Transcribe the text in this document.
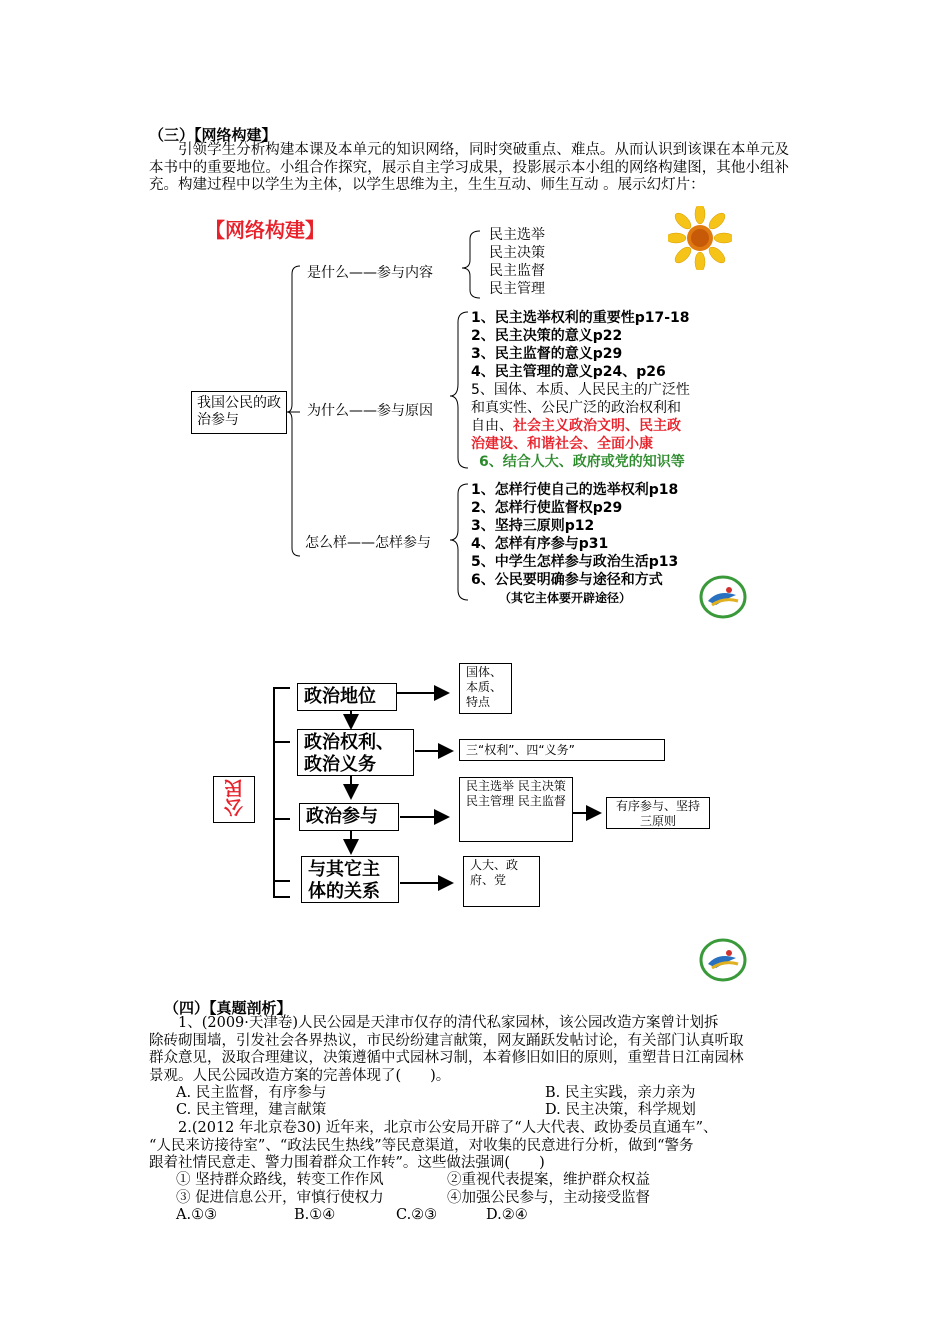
（三）【网络构建】
引领学生分析构建本课及本单元的知识网络，同时突破重点、难点。从而认识到该课在本单元及本书中的重要地位。小组合作探究，展示自主学习成果，投影展示本小组的网络构建图，其他小组补充。构建过程中以学生为主体，以学生思维为主，生生互动、师生互动 。展示幻灯片：
【网络构建】
我国公民的政治参与
是什么——参与内容
为什么——参与原因
怎么样——怎样参与
民主选举
民主决策
民主监督
民主管理
1、民主选举权利的重要性p17-18
2、民主决策的意义p22
3、民主监督的意义p29
4、民主管理的意义p24、p26
5、国体、本质、人民民主的广泛性
和真实性、公民广泛的政治权利和
自由、社会主义政治文明、民主政
治建设、和谐社会、全面小康
6、结合人大、政府或党的知识等
1、怎样行使自己的选举权利p18
2、怎样行使监督权p29
3、坚持三原则p12
4、怎样有序参与p31
5、中学生怎样参与政治生活p13
6、公民要明确参与途径和方式
（其它主体要开辟途径）
公民
政治地位
政治权利、政治义务
政治参与
与其它主体的关系
国体、本质、特点
三“权利”、四“义务”
民主选举 民主决策 民主管理 民主监督	有序参与、坚持三原则
人大、政府、党
（四）【真题剖析】
1、(2009·天津卷)人民公园是天津市仅存的清代私家园林，该公园改造方案曾计划拆
除砖砌围墙，引发社会各界热议，市民纷纷建言献策，网友踊跃发帖讨论，有关部门认真听取
群众意见，汲取合理建议，决策遵循中式园林习制，本着修旧如旧的原则，重塑昔日江南园林
景观。人民公园改造方案的完善体现了(　　)。
A. 民主监督，有序参与	B. 民主实践，亲力亲为
C. 民主管理，建言献策	D. 民主决策，科学规划
2.(2012 年北京卷30) 近年来，北京市公安局开辟了“人大代表、政协委员直通车”、
“人民来访接待室”、“政法民生热线”等民意渠道，对收集的民意进行分析，做到“警务
跟着社情民意走、警力围着群众工作转”。这些做法强调(　　)
① 坚持群众路线，转变工作作风	②重视代表提案，维护群众权益
③ 促进信息公开，审慎行使权力	④加强公民参与，主动接受监督
A.①③	B.①④	C.②③	D.②④
